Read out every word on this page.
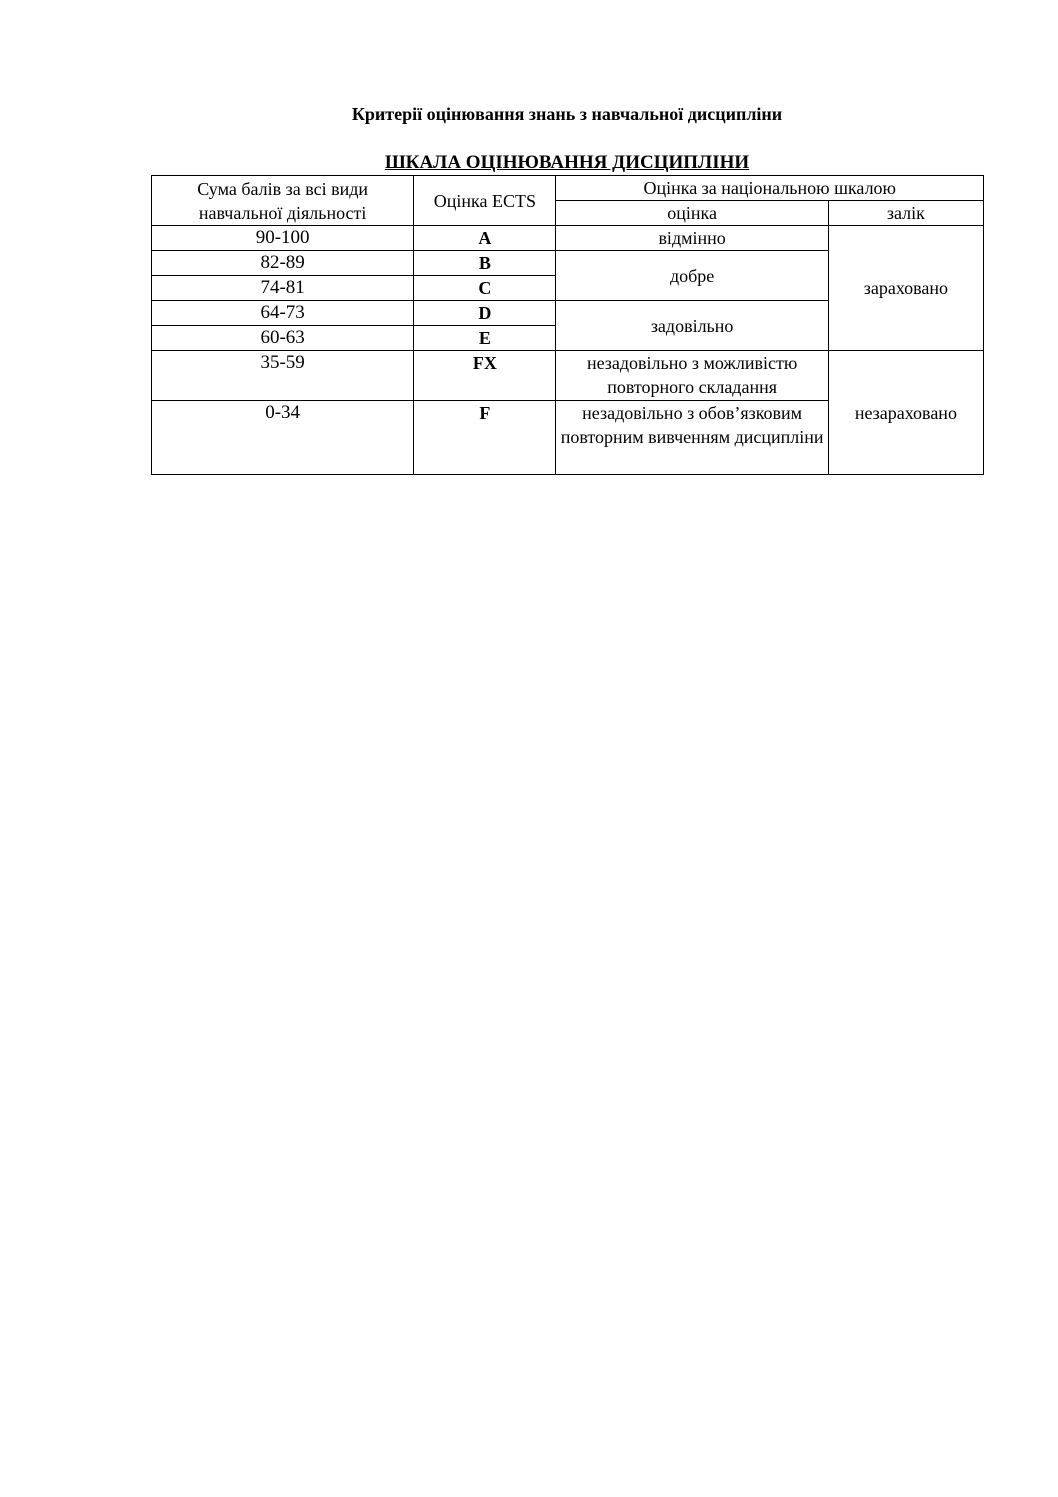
Критерії оцінювання знань з навчальної дисципліни

ШКАЛА ОЦІНЮВАННЯ ДИСЦИПЛІНИ

Сума балів за всі види навчальної діяльності	Оцінка ECTS	Оцінка за національною шкалою	
		оцінка	залік
90-100	A	відмінно	зараховано
82-89	B	добре	
74-81	C		
64-73	D	задовільно	
60-63	E		
35-59	FX	незадовільно з можливістю повторного складання	незараховано
0-34	F	незадовільно з обов’язковим повторним вивченням дисципліни	
